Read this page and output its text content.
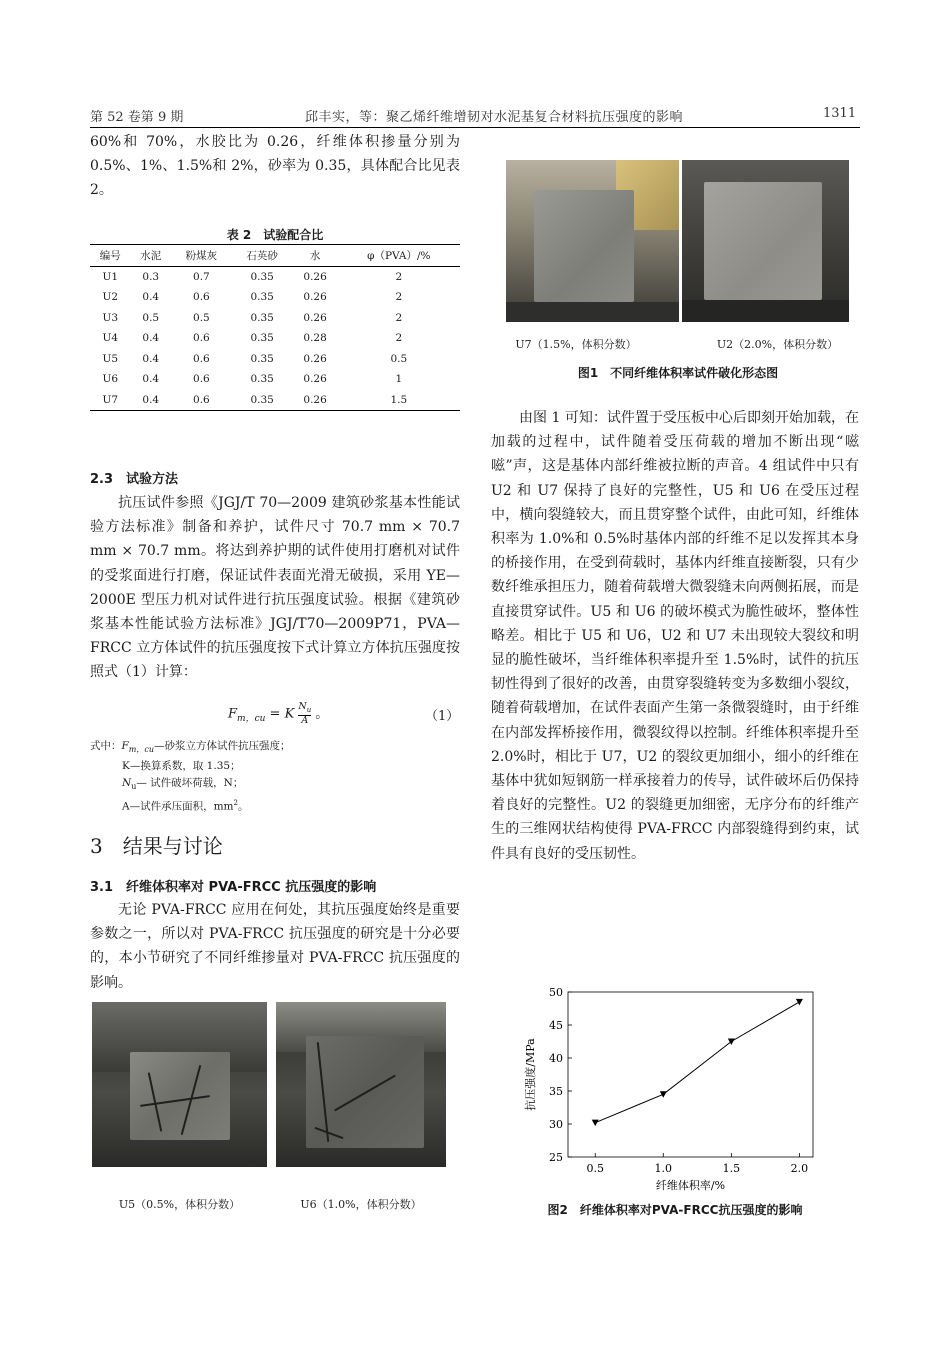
第 52 卷第 9 期	邱丰实，等：聚乙烯纤维增韧对水泥基复合材料抗压强度的影响	1311

60%和 70%，水胶比为 0.26，纤维体积掺量分别为 0.5%、1%、1.5%和 2%，砂率为 0.35，具体配合比见表 2。

表 2　试验配合比
编号	水泥	粉煤灰	石英砂	水	φ（PVA）/%
U1	0.3	0.7	0.35	0.26	2
U2	0.4	0.6	0.35	0.26	2
U3	0.5	0.5	0.35	0.26	2
U4	0.4	0.6	0.35	0.28	2
U5	0.4	0.6	0.35	0.26	0.5
U6	0.4	0.6	0.35	0.26	1
U7	0.4	0.6	0.35	0.26	1.5
2.3　试验方法

抗压试件参照《JGJ/T 70—2009 建筑砂浆基本性能试验方法标准》制备和养护，试件尺寸 70.7 mm × 70.7 mm × 70.7 mm。将达到养护期的试件使用打磨机对试件的受浆面进行打磨，保证试件表面光滑无破损，采用 YE—2000E 型压力机对试件进行抗压强度试验。根据《建筑砂浆基本性能试验方法标准》JGJ/T70—2009P71，PVA—FRCC 立方体试件的抗压强度按下式计算立方体抗压强度按照式（1）计算：

$F_{m,cu} = K \frac{N_u}{A}$ 。	（1）
式中：$F_{m,cu}—$砂浆立方体试件抗压强度；
K—换算系数，取 1.35；
$N_u—$ 试件破坏荷载，N；
A—试件承压面积，$mm^2$。
3　结果与讨论
3.1　纤维体积率对 PVA-FRCC 抗压强度的影响

无论 PVA-FRCC 应用在何处，其抗压强度始终是重要参数之一，所以对 PVA-FRCC 抗压强度的研究是十分必要的，本小节研究了不同纤维掺量对 PVA-FRCC 抗压强度的影响。

U5（0.5%，体积分数）	U6（1.0%，体积分数）
U7（1.5%，体积分数）	U2（2.0%，体积分数）
图1　不同纤维体积率试件破化形态图

由图 1 可知：试件置于受压板中心后即刻开始加载，在加载的过程中，试件随着受压荷载的增加不断出现“嗞嗞”声，这是基体内部纤维被拉断的声音。4 组试件中只有 U2 和 U7 保持了良好的完整性，U5 和 U6 在受压过程中，横向裂缝较大，而且贯穿整个试件，由此可知，纤维体积率为 1.0%和 0.5%时基体内部的纤维不足以发挥其本身的桥接作用，在受到荷载时，基体内纤维直接断裂，只有少数纤维承担压力，随着荷载增大微裂缝未向两侧拓展，而是直接贯穿试件。U5 和 U6 的破坏模式为脆性破坏，整体性略差。相比于 U5 和 U6，U2 和 U7 未出现较大裂纹和明显的脆性破坏，当纤维体积率提升至 1.5%时，试件的抗压韧性得到了很好的改善，由贯穿裂缝转变为多数细小裂纹，随着荷载增加，在试件表面产生第一条微裂缝时，由于纤维在内部发挥桥接作用，微裂纹得以控制。纤维体积率提升至 2.0%时，相比于 U7，U2 的裂纹更加细小，细小的纤维在基体中犹如短钢筋一样承接着力的传导，试件破坏后仍保持着良好的完整性。U2 的裂缝更加细密，无序分布的纤维产生的三维网状结构使得 PVA-FRCC 内部裂缝得到约束，试件具有良好的受压韧性。

25
30
35
40
45
50
0.5	1.0	1.5	2.0
纤维体积率/%
抗压强度/MPa
图2　纤维体积率对PVA-FRCC抗压强度的影响
